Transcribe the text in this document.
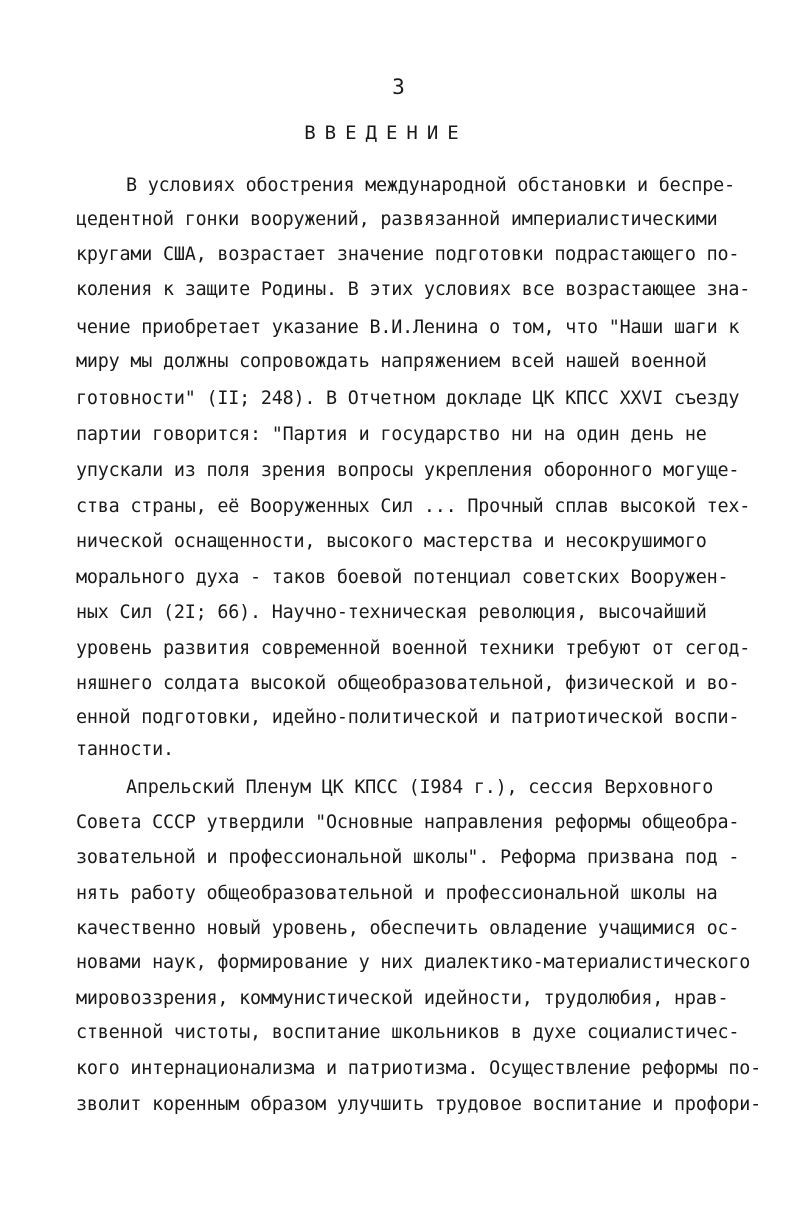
3
ВВЕДЕНИЕ
В условиях обострения международной обстановки и беспре-
цедентной гонки вооружений, развязанной империалистическими
кругами США, возрастает значение подготовки подрастающего по-
коления к защите Родины. В этих условиях все возрастающее зна-
чение приобретает указание В.И.Ленина о том, что "Наши шаги к
миру мы должны сопровождать напряжением всей нашей военной
готовности" (II; 248). В Отчетном докладе ЦК КПСС XXVI съезду
партии говорится: "Партия и государство ни на один день не
упускали из поля зрения вопросы укрепления оборонного могуще-
ства страны, её Вооруженных Сил ... Прочный сплав высокой тех-
нической оснащенности, высокого мастерства и несокрушимого
морального духа - таков боевой потенциал советских Вооружен-
ных Сил (2I; 66). Научно-техническая революция, высочайший
уровень развития современной военной техники требуют от сегод-
няшнего солдата высокой общеобразовательной, физической и во-
енной подготовки, идейно-политической и патриотической воспи-
танности.
Апрельский Пленум ЦК КПСС (I984 г.), сессия Верховного
Совета СССР утвердили "Основные направления реформы общеобра-
зовательной и профессиональной школы". Реформа призвана под -
нять работу общеобразовательной и профессиональной школы на
качественно новый уровень, обеспечить овладение учащимися ос-
новами наук, формирование у них диалектико-материалистического
мировоззрения, коммунистической идейности, трудолюбия, нрав-
ственной чистоты, воспитание школьников в духе социалистичес-
кого интернационализма и патриотизма. Осуществление реформы по-
зволит коренным образом улучшить трудовое воспитание и профори-
